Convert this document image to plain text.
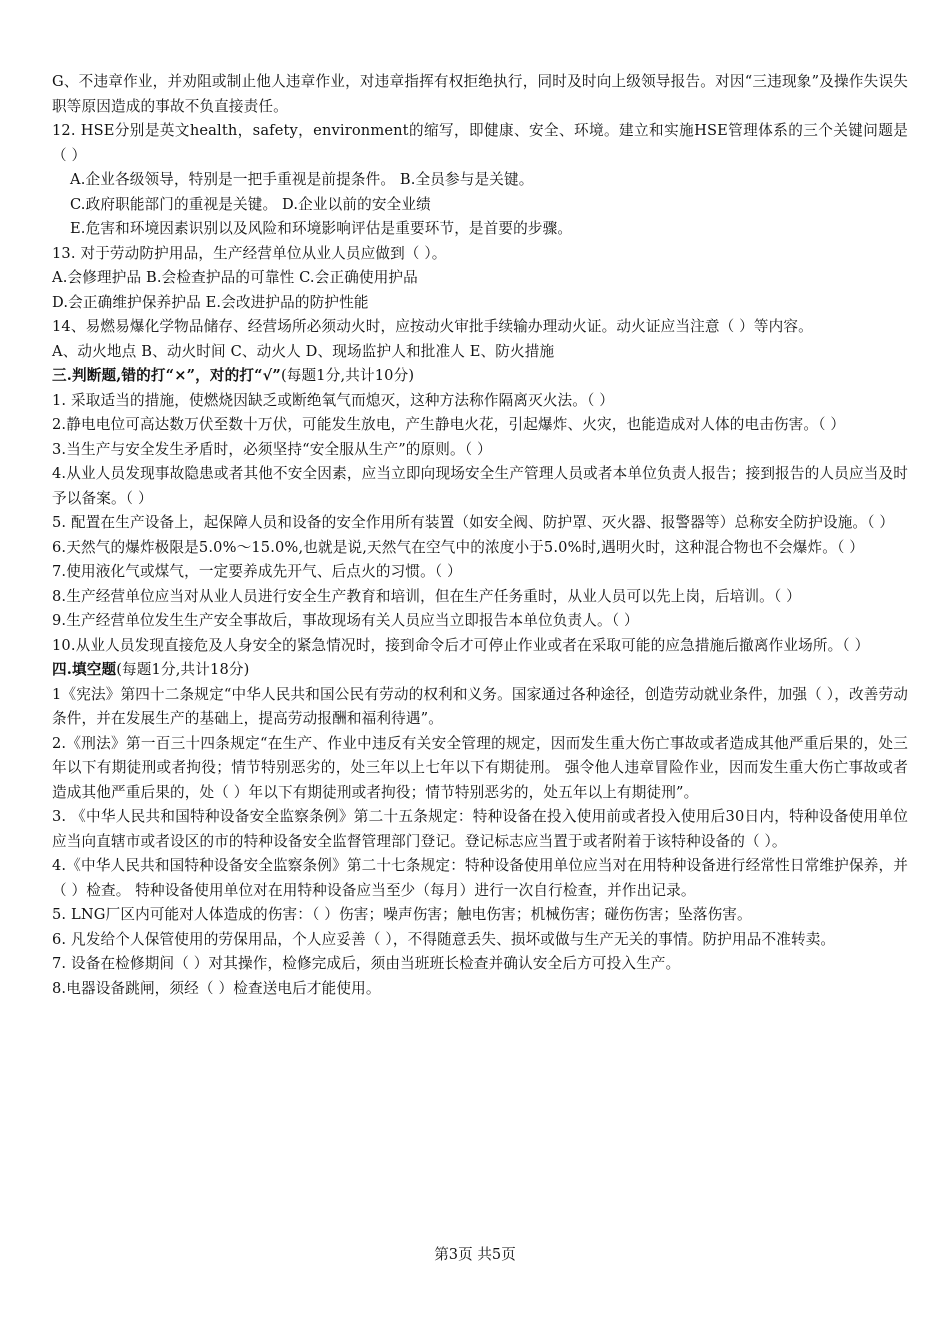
G、不违章作业，并劝阻或制止他人违章作业，对违章指挥有权拒绝执行，同时及时向上级领导报告。对因“三违现象”及操作失误失职等原因造成的事故不负直接责任。

12. HSE分别是英文health，safety，environment的缩写，即健康、安全、环境。建立和实施HSE管理体系的三个关键问题是（ ）

A.企业各级领导，特别是一把手重视是前提条件。 B.全员参与是关键。

C.政府职能部门的重视是关键。 D.企业以前的安全业绩

E.危害和环境因素识别以及风险和环境影响评估是重要环节，是首要的步骤。

13. 对于劳动防护用品，生产经营单位从业人员应做到（ ）。

A.会修理护品 B.会检查护品的可靠性 C.会正确使用护品

D.会正确维护保养护品 E.会改进护品的防护性能

14、易燃易爆化学物品储存、经营场所必须动火时，应按动火审批手续输办理动火证。动火证应当注意（ ）等内容。

A、动火地点 B、动火时间 C、动火人 D、现场监护人和批准人 E、防火措施

三.判断题,错的打“×”，对的打“√”(每题1分,共计10分)

1. 采取适当的措施，使燃烧因缺乏或断绝氧气而熄灭，这种方法称作隔离灭火法。（ ）

2.静电电位可高达数万伏至数十万伏，可能发生放电，产生静电火花，引起爆炸、火灾，也能造成对人体的电击伤害。（ ）

3.当生产与安全发生矛盾时，必须坚持“安全服从生产”的原则。（ ）

4.从业人员发现事故隐患或者其他不安全因素，应当立即向现场安全生产管理人员或者本单位负责人报告；接到报告的人员应当及时予以备案。（ ）

5. 配置在生产设备上，起保障人员和设备的安全作用所有装置（如安全阀、防护罩、灭火器、报警器等）总称安全防护设施。（ ）

6.天然气的爆炸极限是5.0%～15.0%,也就是说,天然气在空气中的浓度小于5.0%时,遇明火时，这种混合物也不会爆炸。（ ）

7.使用液化气或煤气，一定要养成先开气、后点火的习惯。（ ）

8.生产经营单位应当对从业人员进行安全生产教育和培训，但在生产任务重时，从业人员可以先上岗，后培训。（ ）

9.生产经营单位发生生产安全事故后，事故现场有关人员应当立即报告本单位负责人。（ ）

10.从业人员发现直接危及人身安全的紧急情况时，接到命令后才可停止作业或者在采取可能的应急措施后撤离作业场所。（ ）

四.填空题(每题1分,共计18分)

1《宪法》第四十二条规定“中华人民共和国公民有劳动的权利和义务。国家通过各种途径，创造劳动就业条件，加强（ ），改善劳动条件，并在发展生产的基础上，提高劳动报酬和福利待遇”。

2.《刑法》第一百三十四条规定“在生产、作业中违反有关安全管理的规定，因而发生重大伤亡事故或者造成其他严重后果的，处三年以下有期徒刑或者拘役；情节特别恶劣的，处三年以上七年以下有期徒刑。 强令他人违章冒险作业，因而发生重大伤亡事故或者造成其他严重后果的，处（ ）年以下有期徒刑或者拘役；情节特别恶劣的，处五年以上有期徒刑”。

3. 《中华人民共和国特种设备安全监察条例》第二十五条规定：特种设备在投入使用前或者投入使用后30日内，特种设备使用单位应当向直辖市或者设区的市的特种设备安全监督管理部门登记。登记标志应当置于或者附着于该特种设备的（ ）。

4.《中华人民共和国特种设备安全监察条例》第二十七条规定：特种设备使用单位应当对在用特种设备进行经常性日常维护保养，并（ ）检查。 特种设备使用单位对在用特种设备应当至少（每月）进行一次自行检查，并作出记录。

5. LNG厂区内可能对人体造成的伤害：（ ）伤害；噪声伤害；触电伤害；机械伤害；碰伤伤害；坠落伤害。

6. 凡发给个人保管使用的劳保用品，个人应妥善（ ），不得随意丢失、损坏或做与生产无关的事情。防护用品不准转卖。

7. 设备在检修期间（ ）对其操作，检修完成后，须由当班班长检查并确认安全后方可投入生产。

8.电器设备跳闸，须经（ ）检查送电后才能使用。

第3页 共5页
